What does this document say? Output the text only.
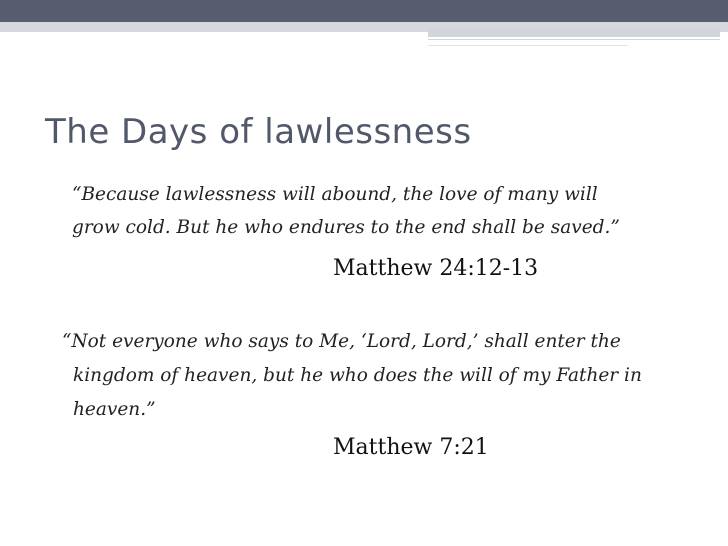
The Days of lawlessness
“Because lawlessness will abound, the love of many will
grow cold. But he who endures to the end shall be saved.”
Matthew 24:12-13
“Not everyone who says to Me, ‘Lord, Lord,’ shall enter the
kingdom of heaven, but he who does the will of my Father in
heaven.”
Matthew 7:21
